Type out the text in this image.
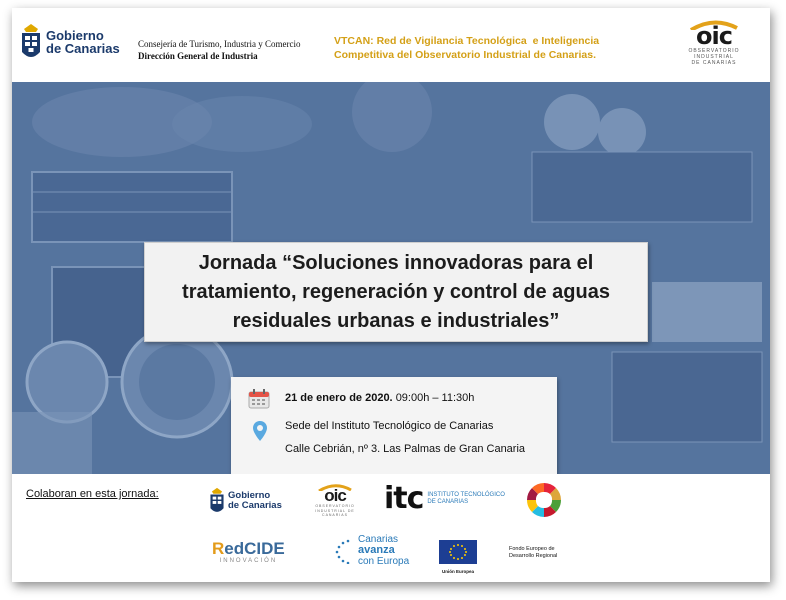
Gobierno
de Canarias Consejería de Turismo, Industria y Comercio
Dirección General de Industria
VTCAN: Red de Vigilancia Tecnológica  e Inteligencia
Competitiva del Observatorio Industrial de Canarias.
oic
OBSERVATORIO
INDUSTRIAL
DE CANARIAS
Jornada “Soluciones innovadoras para el tratamiento, regeneración y control de aguas residuales urbanas e industriales”
21 de enero de 2020. 09:00h – 11:30h
Sede del Instituto Tecnológico de Canarias
Calle Cebrián, nº 3. Las Palmas de Gran Canaria
Colaboran en esta jornada:	Gobierno
de Canarias
oic
OBSERVATORIO INDUSTRIAL DE CANARIAS	itc INSTITUTO TECNOLÓGICO
DE CANARIAS
RedCIDE
INNOVACIÓN
Canarias
avanza
con Europa
Unión Europea
Fondo Europeo de
Desarrollo Regional
